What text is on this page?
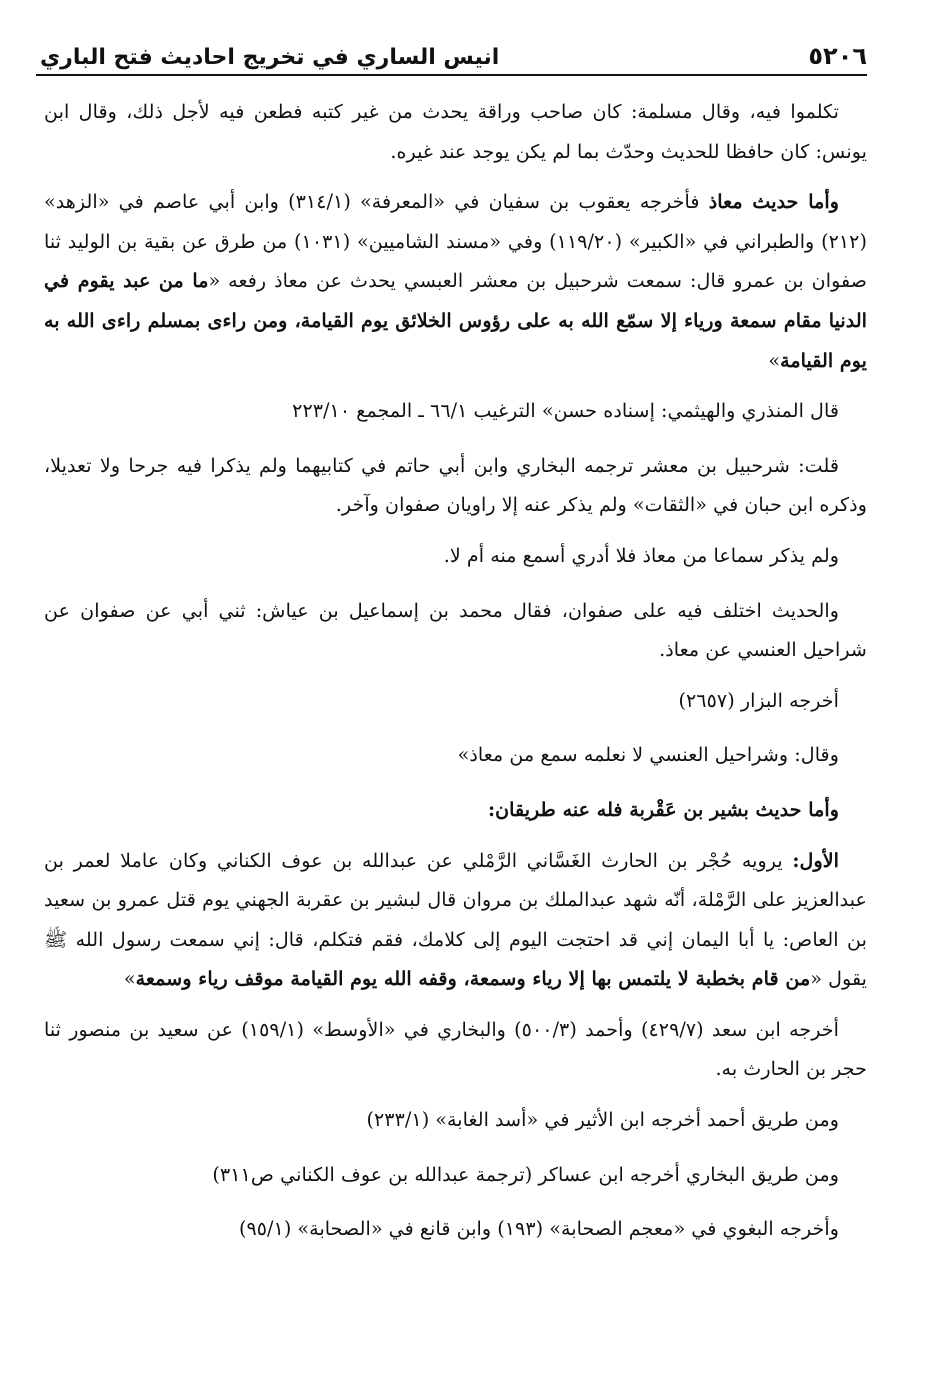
٥٢٠٦
انيس الساري في تخريج احاديث فتح الباري

تكلموا فيه، وقال مسلمة: كان صاحب وراقة يحدث من غير كتبه فطعن فيه لأجل ذلك، وقال ابن يونس: كان حافظا للحديث وحدّث بما لم يكن يوجد عند غيره.

وأما حديث معاذ فأخرجه يعقوب بن سفيان في «المعرفة» (٣١٤/١) وابن أبي عاصم في «الزهد» (٢١٢) والطبراني في «الكبير» (١١٩/٢٠) وفي «مسند الشاميين» (١٠٣١) من طرق عن بقية بن الوليد ثنا صفوان بن عمرو قال: سمعت شرحبيل بن معشر العبسي يحدث عن معاذ رفعه «ما من عبد يقوم في الدنيا مقام سمعة ورياء إلا سمّع الله به على رؤوس الخلائق يوم القيامة، ومن راءى بمسلم راءى الله به يوم القيامة»

قال المنذري والهيثمي: إسناده حسن» الترغيب ٦٦/١ ـ المجمع ٢٢٣/١٠

قلت: شرحبيل بن معشر ترجمه البخاري وابن أبي حاتم في كتابيهما ولم يذكرا فيه جرحا ولا تعديلا، وذكره ابن حبان في «الثقات» ولم يذكر عنه إلا راويان صفوان وآخر.

ولم يذكر سماعا من معاذ فلا أدري أسمع منه أم لا.

والحديث اختلف فيه على صفوان، فقال محمد بن إسماعيل بن عياش: ثني أبي عن صفوان عن شراحيل العنسي عن معاذ.

أخرجه البزار (٢٦٥٧)

وقال: وشراحيل العنسي لا نعلمه سمع من معاذ»

وأما حديث بشير بن عَقْربة فله عنه طريقان:

الأول: يرويه حُجْر بن الحارث الغَسَّاني الرَّمْلي عن عبدالله بن عوف الكناني وكان عاملا لعمر بن عبدالعزيز على الرَّمْلة، أنّه شهد عبدالملك بن مروان قال لبشير بن عقربة الجهني يوم قتل عمرو بن سعيد بن العاص: يا أبا اليمان إني قد احتجت اليوم إلى كلامك، فقم فتكلم، قال: إني سمعت رسول الله ﷺ يقول «من قام بخطبة لا يلتمس بها إلا رياء وسمعة، وقفه الله يوم القيامة موقف رياء وسمعة»

أخرجه ابن سعد (٤٢٩/٧) وأحمد (٥٠٠/٣) والبخاري في «الأوسط» (١٥٩/١) عن سعيد بن منصور ثنا حجر بن الحارث به.

ومن طريق أحمد أخرجه ابن الأثير في «أسد الغابة» (٢٣٣/١)

ومن طريق البخاري أخرجه ابن عساكر (ترجمة عبدالله بن عوف الكناني ص٣١١)

وأخرجه البغوي في «معجم الصحابة» (١٩٣) وابن قانع في «الصحابة» (٩٥/١)
